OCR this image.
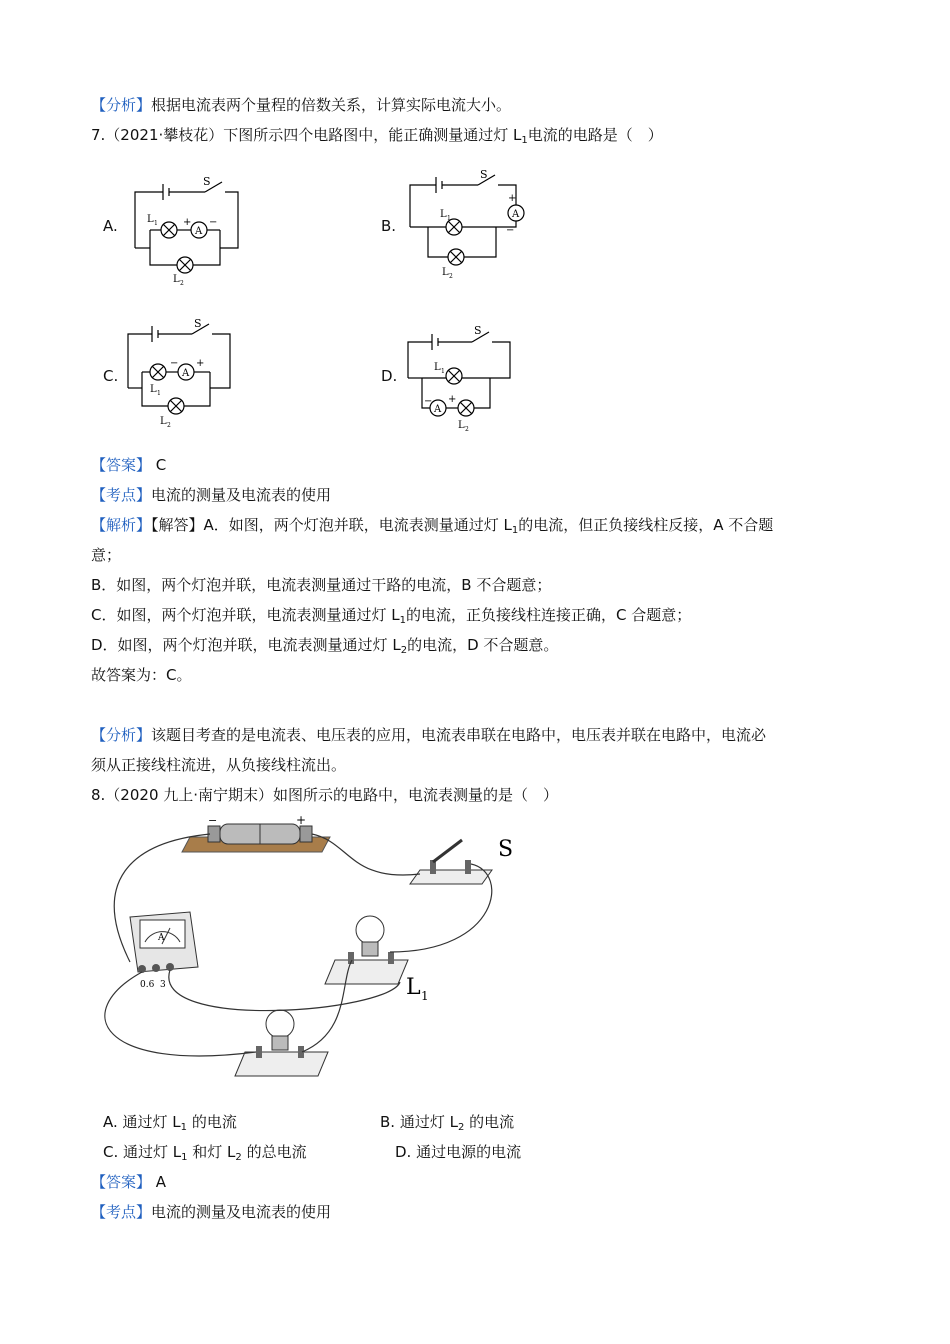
【分析】根据电流表两个量程的倍数关系，计算实际电流大小。
7.（2021·攀枝花）下图所示四个电路图中，能正确测量通过灯 $L_1$电流的电路是（　）
A.	B.
C.	D.
A
S
L 1
L 2
+ −
A
S
L 1
L 2
+
−
A
S
L 1
L 2
− +
A
S
L 1
L 2
− +
【答案】 C
【考点】电流的测量及电流表的使用
【解析】【解答】A．如图，两个灯泡并联，电流表测量通过灯 $L_1$的电流，但正负接线柱反接，A 不合题
意；
B．如图，两个灯泡并联，电流表测量通过干路的电流，B 不合题意；
C．如图，两个灯泡并联，电流表测量通过灯 $L_1$的电流，正负接线柱连接正确，C 合题意；
D．如图，两个灯泡并联，电流表测量通过灯 $L_2$的电流，D 不合题意。
故答案为：C。
【分析】该题目考查的是电流表、电压表的应用，电流表串联在电路中，电压表并联在电路中，电流必
须从正接线柱流进，从负接线柱流出。
8.（2020 九上·南宁期末）如图所示的电路中，电流表测量的是（　）
−	+
S
A
0.6 3	L 1
A. 通过灯 $L_1$ 的电流	B. 通过灯 $L_2$ 的电流
C. 通过灯 $L_1$ 和灯 $L_2$ 的总电流	D. 通过电源的电流
【答案】 A
【考点】电流的测量及电流表的使用
